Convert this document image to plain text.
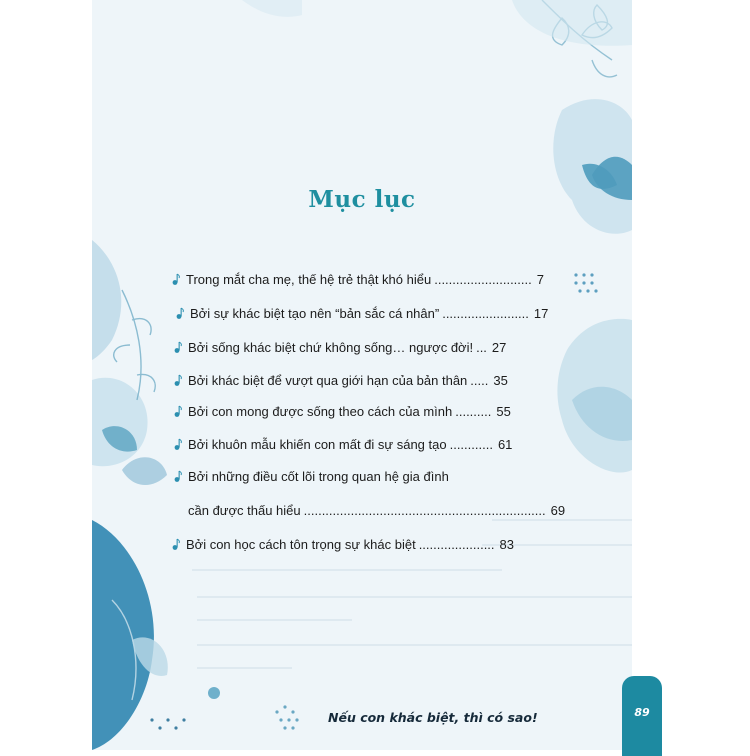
Mục lục
Trong mắt cha mẹ, thế hệ trẻ thật khó hiểu ........................... 7
Bởi sự khác biệt tạo nên “bản sắc cá nhân” ........................ 17
Bởi sống khác biệt chứ không sống… ngược đời! ... 27
Bởi khác biệt để vượt qua giới hạn của bản thân ..... 35
Bởi con mong được sống theo cách của mình .......... 55
Bởi khuôn mẫu khiến con mất đi sự sáng tạo ............ 61
Bởi những điều cốt lõi trong quan hệ gia đình
cần được thấu hiểu ................................................................... 69
Bởi con học cách tôn trọng sự khác biệt ..................... 83
Nếu con khác biệt, thì có sao!	89
